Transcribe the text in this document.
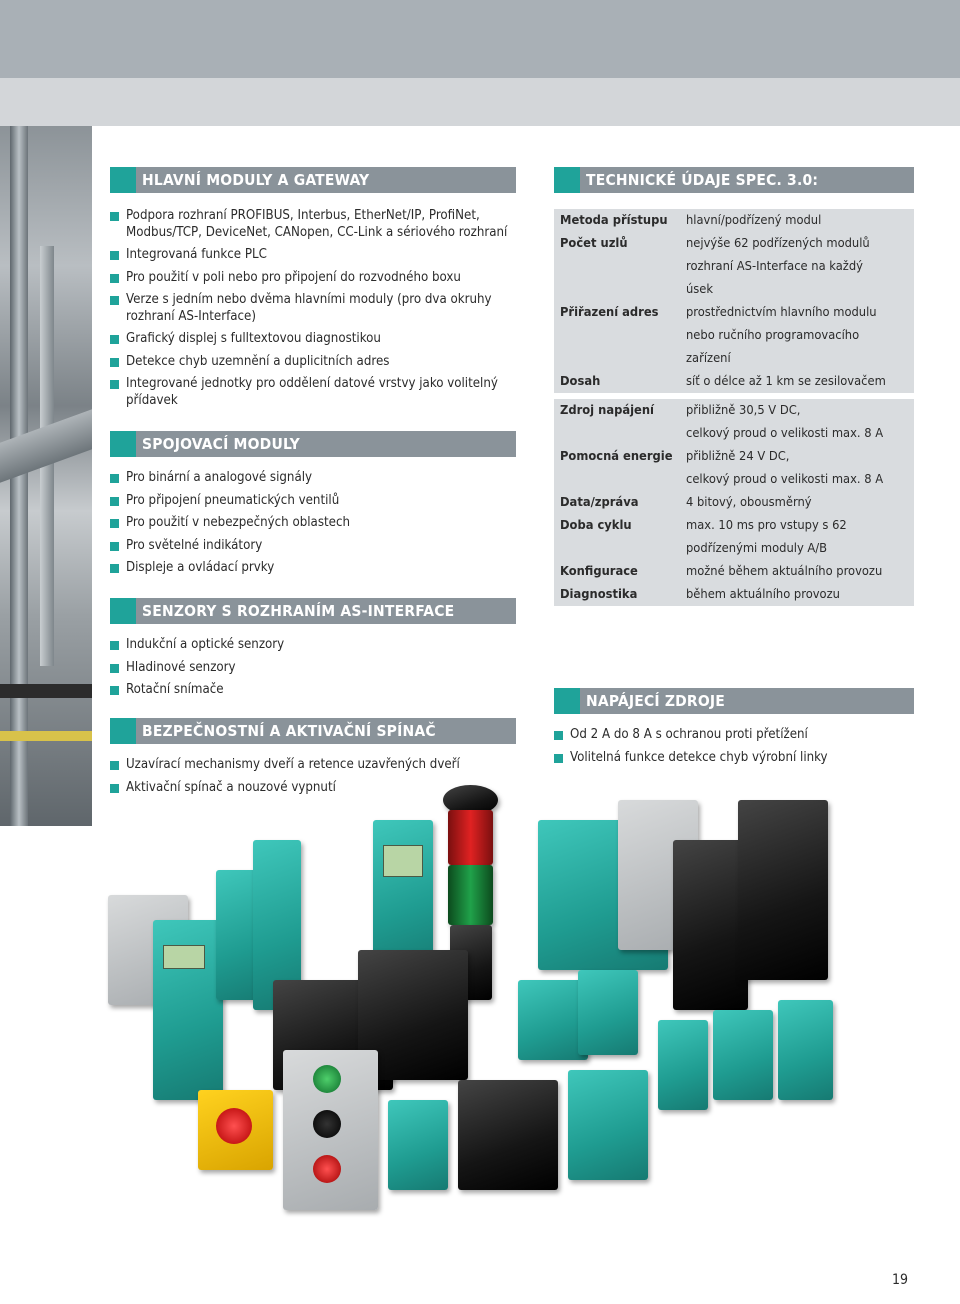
HLAVNÍ MODULY A GATEWAY
Podpora rozhraní PROFIBUS, Interbus, EtherNet/IP, ProfiNet, Modbus/TCP, DeviceNet, CANopen, CC-Link a sériového rozhraní
Integrovaná funkce PLC
Pro použití v poli nebo pro připojení do rozvodného boxu
Verze s jedním nebo dvěma hlavními moduly (pro dva okruhy rozhraní AS-Interface)
Grafický displej s fulltextovou diagnostikou
Detekce chyb uzemnění a duplicitních adres
Integrované jednotky pro oddělení datové vrstvy jako volitelný přídavek
SPOJOVACÍ MODULY
Pro binární a analogové signály
Pro připojení pneumatických ventilů
Pro použití v nebezpečných oblastech
Pro světelné indikátory
Displeje a ovládací prvky
SENZORY S ROZHRANÍM AS-INTERFACE
Indukční a optické senzory
Hladinové senzory
Rotační snímače
BEZPEČNOSTNÍ A AKTIVAČNÍ SPÍNAČ
Uzavírací mechanismy dveří a retence uzavřených dveří
Aktivační spínač a nouzové vypnutí
TECHNICKÉ ÚDAJE SPEC. 3.0:
Metoda přístupu	hlavní/podřízený modul
Počet uzlů	nejvýše 62 podřízených modulů
	rozhraní AS-Interface na každý
	úsek
Přiřazení adres	prostřednictvím hlavního modulu
	nebo ručního programovacího
	zařízení
Dosah	síť o délce až 1 km se zesilovačem

Zdroj napájení	přibližně 30,5 V DC,
	celkový proud o velikosti max. 8 A
Pomocná energie	přibližně 24 V DC,
	celkový proud o velikosti max. 8 A
Data/zpráva	4 bitový, obousměrný
Doba cyklu	max. 10 ms pro vstupy s 62
	podřízenými moduly A/B
Konfigurace	možné během aktuálního provozu
Diagnostika	během aktuálního provozu
NAPÁJECÍ ZDROJE
Od 2 A do 8 A s ochranou proti přetížení
Volitelná funkce detekce chyb výrobní linky
19
